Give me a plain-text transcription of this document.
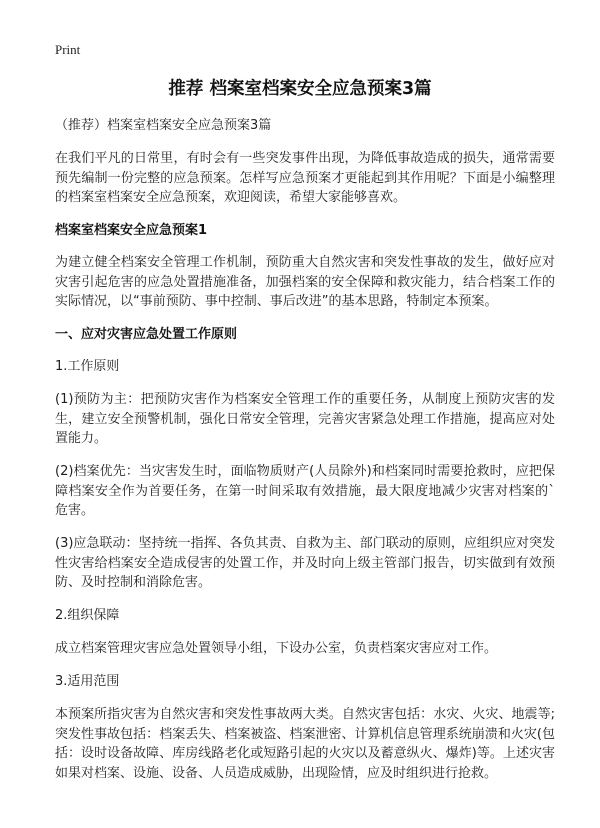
Print
推荐 档案室档案安全应急预案3篇

（推荐）档案室档案安全应急预案3篇

在我们平凡的日常里，有时会有一些突发事件出现，为降低事故造成的损失，通常需要预先编制一份完整的应急预案。怎样写应急预案才更能起到其作用呢？下面是小编整理的档案室档案安全应急预案，欢迎阅读，希望大家能够喜欢。

档案室档案安全应急预案1

为建立健全档案安全管理工作机制，预防重大自然灾害和突发性事故的发生，做好应对灾害引起危害的应急处置措施准备，加强档案的安全保障和救灾能力，结合档案工作的实际情况，以“事前预防、事中控制、事后改进”的基本思路，特制定本预案。

一、应对灾害应急处置工作原则

1.工作原则

(1)预防为主：把预防灾害作为档案安全管理工作的重要任务，从制度上预防灾害的发生，建立安全预警机制，强化日常安全管理，完善灾害紧急处理工作措施，提高应对处置能力。

(2)档案优先：当灾害发生时，面临物质财产(人员除外)和档案同时需要抢救时，应把保障档案安全作为首要任务，在第一时间采取有效措施，最大限度地减少灾害对档案的`危害。

(3)应急联动：坚持统一指挥、各负其责、自救为主、部门联动的原则，应组织应对突发性灾害给档案安全造成侵害的处置工作，并及时向上级主管部门报告，切实做到有效预防、及时控制和消除危害。

2.组织保障

成立档案管理灾害应急处置领导小组，下设办公室，负责档案灾害应对工作。

3.适用范围

本预案所指灾害为自然灾害和突发性事故两大类。自然灾害包括：水灾、火灾、地震等;突发性事故包括：档案丢失、档案被盗、档案泄密、计算机信息管理系统崩溃和火灾(包括：设时设备故障、库房线路老化或短路引起的火灾以及蓄意纵火、爆炸)等。上述灾害如果对档案、设施、设备、人员造成威胁，出现险情，应及时组织进行抢救。
